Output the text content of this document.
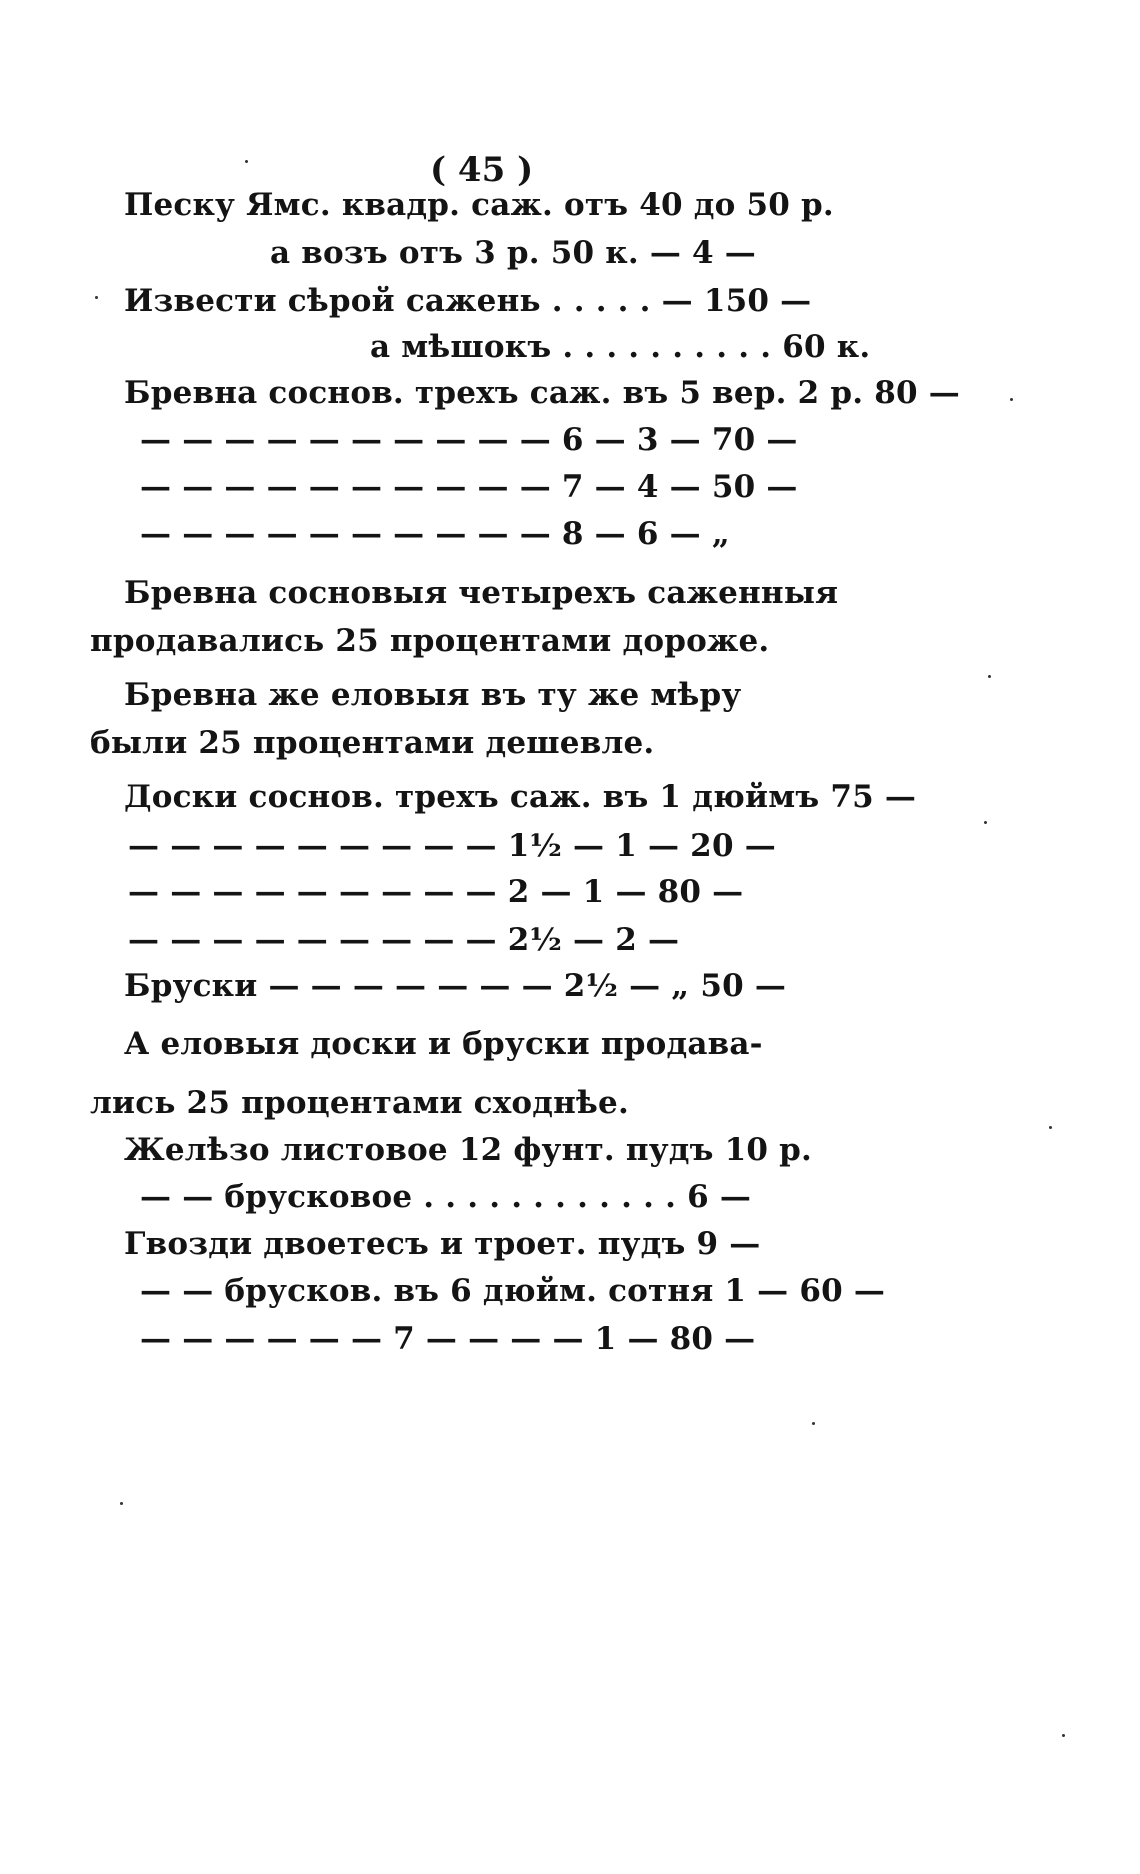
( 45 )
Песку Ямс. квадр. саж. отъ 40 до 50 р.
а возъ отъ 3 р. 50 к. — 4 —
Извести сѣрой сажень . . . . . — 150 —
а мѣшокъ . . . . . . . . . . 60 к.
Бревна соснов. трехъ саж. въ 5 вер. 2 р. 80 —
— — — — — — — — — — 6 — 3 — 70 —
— — — — — — — — — — 7 — 4 — 50 —
— — — — — — — — — — 8 — 6 — „
Бревна сосновыя четырехъ саженныя
продавались 25 процентами дороже.
Бревна же еловыя въ ту же мѣру
были 25 процентами дешевле.
Доски соснов. трехъ саж. въ 1 дюймъ 75 —
— — — — — — — — — 1½ — 1 — 20 —
— — — — — — — — — 2 — 1 — 80 —
— — — — — — — — — 2½ — 2 —
Бруски — — — — — — — 2½ — „ 50 —
А еловыя доски и бруски продава-
лись 25 процентами сходнѣе.
Желѣзо листовое 12 фунт. пудъ 10 р.
— — брусковое . . . . . . . . . . . . 6 —
Гвозди двоетесъ и троет. пудъ 9 —
— — брусков. въ 6 дюйм. сотня 1 — 60 —
— — — — — — 7 — — — — 1 — 80 —
